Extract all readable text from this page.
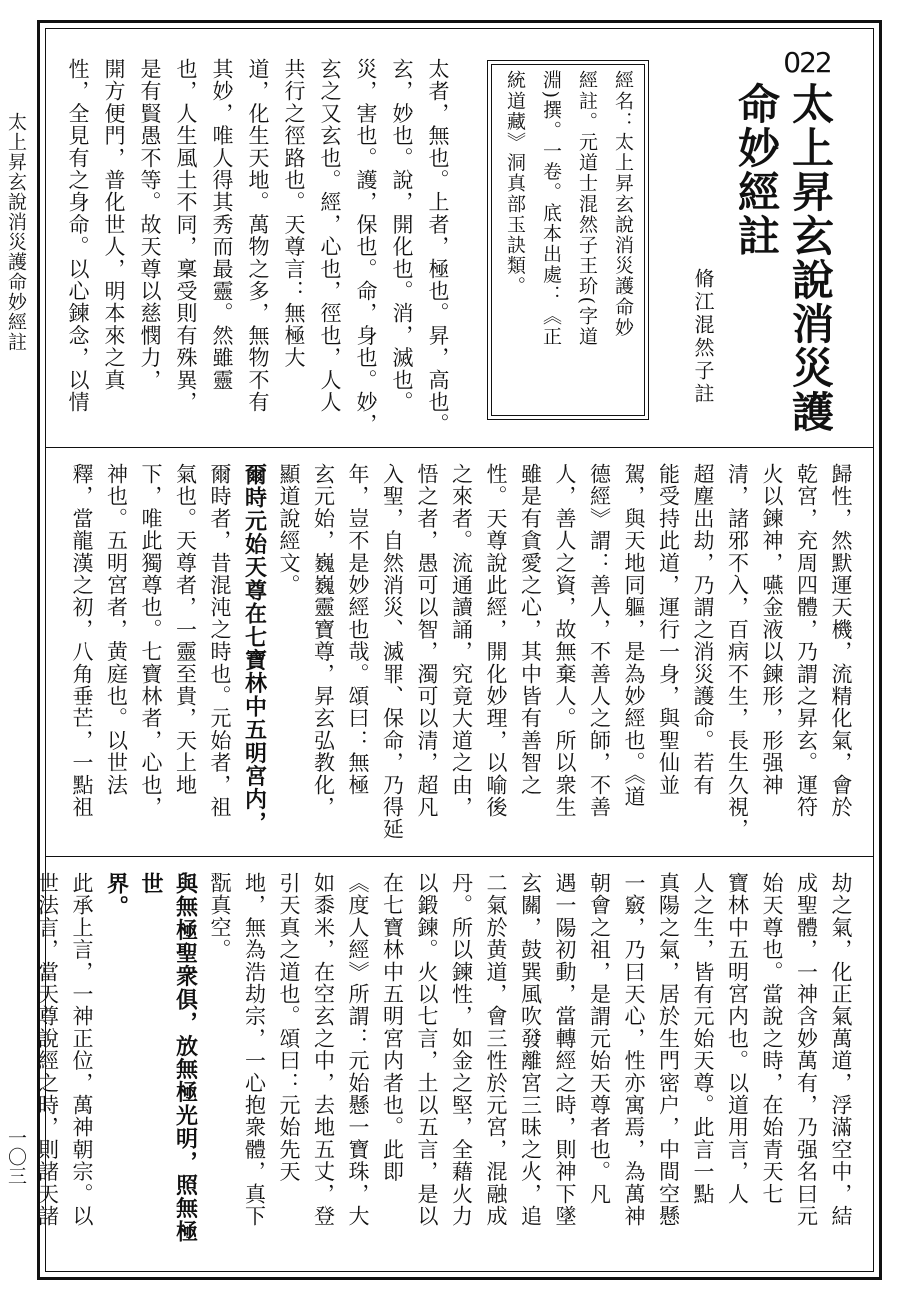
太上昇玄說消災護命妙經註
一〇三
022
太上昇玄說消災護
命妙經註
脩江混然子註
經名：太上昇玄說消災護命妙
經註。元道士混然子王玠(字道
淵)撰。一卷。底本出處：《正
統道藏》洞真部玉訣類。
太者，無也。上者，極也。昇，高也。
玄，妙也。說，開化也。消，滅也。
災，害也。護，保也。命，身也。妙，
玄之又玄也。經，心也，徑也，人人
共行之徑路也。天尊言：無極大
道，化生天地。萬物之多，無物不有
其妙，唯人得其秀而最靈。然雖靈
也，人生風土不同，稟受則有殊異，
是有賢愚不等。故天尊以慈憫力，
開方便門，普化世人，明本來之真
性，全見有之身命。以心鍊念，以情
歸性，然默運天機，流精化氣，會於
乾宮，充周四體，乃謂之昇玄。運符
火以鍊神，嚥金液以鍊形，形强神
清，諸邪不入，百病不生，長生久視，
超塵出劫，乃謂之消災護命。若有
能受持此道，運行一身，與聖仙並
駕，與天地同軀，是為妙經也。《道
德經》謂：善人，不善人之師，不善
人，善人之資，故無棄人。所以衆生
雖是有貪愛之心，其中皆有善智之
性。天尊說此經，開化妙理，以喻後
之來者。流通讀誦，究竟大道之由，
悟之者，愚可以智，濁可以清，超凡
入聖，自然消災、滅罪、保命，乃得延
年，豈不是妙經也哉。頌曰：無極
玄元始，巍巍靈寶尊，昇玄弘教化，
顯道說經文。
爾時元始天尊在七寶林中五明宮内，
爾時者，昔混沌之時也。元始者，祖
氣也。天尊者，一靈至貴，天上地
下，唯此獨尊也。七寶林者，心也，
神也。五明宮者，黄庭也。以世法
釋，當龍漢之初，八角垂芒，一點祖
劫之氣，化正氣萬道，浮滿空中，結
成聖體，一神含妙萬有，乃强名曰元
始天尊也。當說之時，在始青天七
寶林中五明宮内也。以道用言，人
人之生，皆有元始天尊。此言一點
真陽之氣，居於生門密户，中間空懸
一竅，乃曰天心，性亦寓焉，為萬神
朝會之祖，是謂元始天尊者也。凡
遇一陽初動，當轉經之時，則神下墜
玄關，鼓巽風吹發離宮三昧之火，追
二氣於黄道，會三性於元宮，混融成
丹。所以鍊性，如金之堅，全藉火力
以鍛鍊。火以七言，土以五言，是以
在七寶林中五明宮内者也。此即
《度人經》所謂：元始懸一寶珠，大
如黍米，在空玄之中，去地五丈，登
引天真之道也。頌曰：元始先天
地，無為浩劫宗，一心抱衆體，真下
翫真空。
與無極聖衆俱，放無極光明，照無極世
界。
此承上言，一神正位，萬神朝宗。以
世法言，當天尊說經之時，則諸天諸
